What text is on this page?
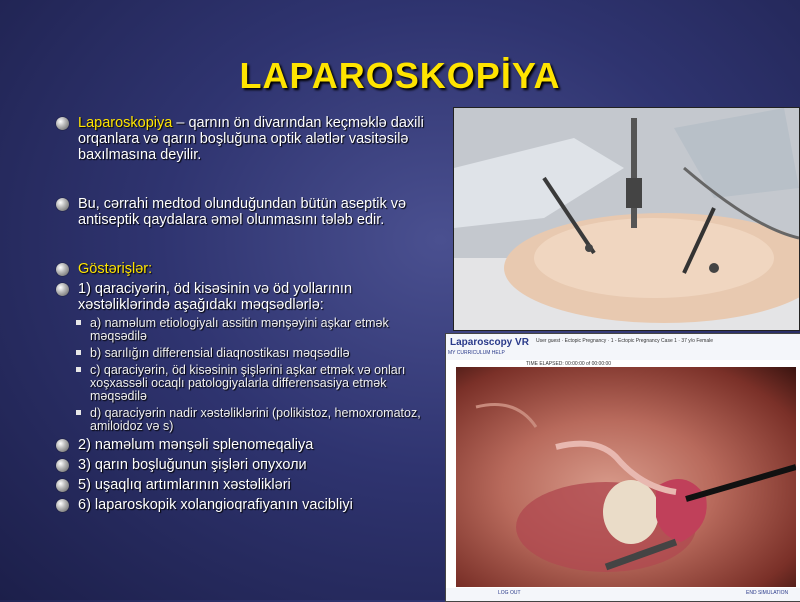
LAPAROSKOPİYA
Laparoskopiya – qarnın ön divarından keçməklə daxili orqanlara və qarın boşluğuna optik alətlər vasitəsilə baxılmasına deyilir.
Bu, cərrahi medtod olunduğundan bütün aseptik və antiseptik qaydalara əməl olunmasını tələb edir.
Göstərişlər:
1) qaraciyərin, öd kisəsinin və öd yollarının xəstəliklərində aşağıdakı məqsədlərlə:
a) naməlum etiologiyalı assitin mənşəyini aşkar etmək məqsədilə
b) sarılığın differensial diaqnostikası məqsədilə
c) qaraciyərin, öd kisəsinin şişlərini aşkar etmək və onları xoşxassəli ocaqlı patologiyalarla differensasiya etmək məqsədilə
d) qaraciyərin nadir xəstəliklərini (polikistoz, hemoxromatoz, amiloidoz və s)
2) naməlum mənşəli splenomeqaliya
3) qarın boşluğunun şişləri опухоли
5) uşaqlıq artımlarının xəstəlikləri
6) laparoskopik xolangioqrafiyanın vacibliyi
Laparoscopy VR User guest · Ectopic Pregnancy · 1 - Ectopic Pregnancy Case 1 · 37 y/o Female
MY CURRICULUM HELP
TIME ELAPSED: 00:00:00 of 00:00:00
LOG OUT	END SIMULATION
